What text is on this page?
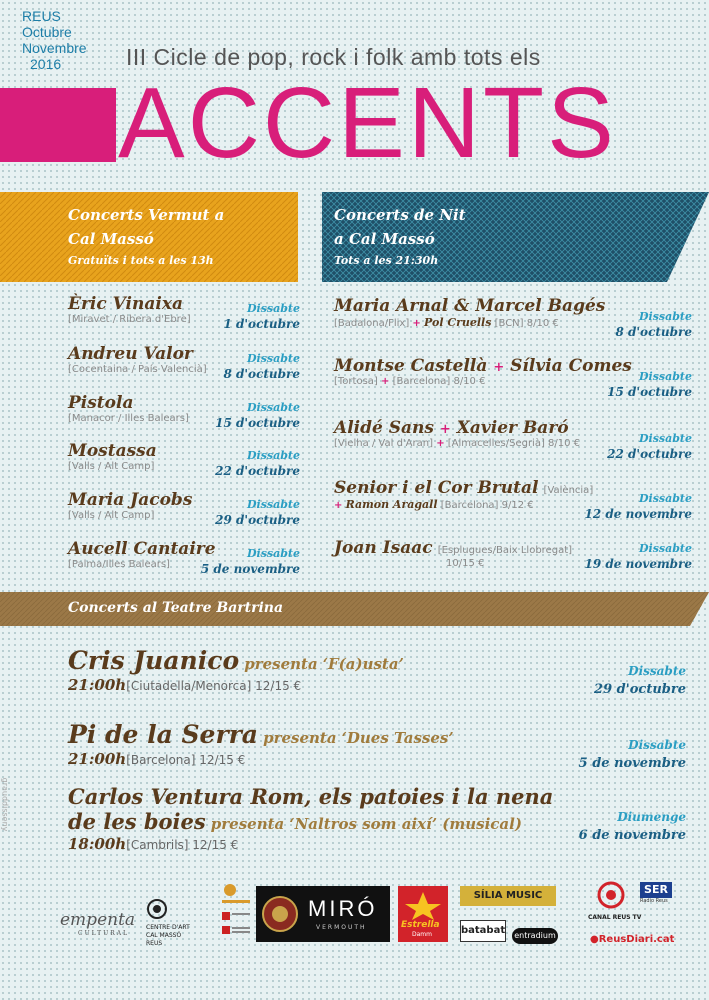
REUS
Octubre
Novembre
2016	III Cicle de pop, rock i folk amb tots els
ACCENTS
Concerts Vermut a
Cal Massó
Gratuïts i tots a les 13h
Concerts de Nit
a Cal Massó
Tots a les 21:30h
Èric Vinaixa
[Miravet / Ribera d'Ebre]
Dissabte
1 d'octubre
Andreu Valor
[Cocentaina / País Valencià]
Dissabte
8 d'octubre
Pistola
[Manacor / Illes Balears]
Dissabte
15 d'octubre
Mostassa
[Valls / Alt Camp]
Dissabte
22 d'octubre
Maria Jacobs
[Valls / Alt Camp]
Dissabte
29 d'octubre
Aucell Cantaire
[Palma/Illes Balears]
Dissabte
5 de novembre
Maria Arnal & Marcel Bagés
[Badalona/Flix] + Pol Cruells [BCN] 8/10 €
Dissabte
8 d'octubre
Montse Castellà + Sílvia Comes
[Tortosa] + [Barcelona] 8/10 €	Dissabte
15 d'octubre
Alidé Sans + Xavier Baró
[Vielha / Val d'Aran] + [Almacelles/Segrià] 8/10 €	Dissabte
22 d'octubre
Senior i el Cor Brutal [València]
+ Ramon Aragall [Barcelona] 9/12 €
Dissabte
12 de novembre
Joan Isaac [Esplugues/Baix Llobregat]
10/15 €
Dissabte
19 de novembre
Concerts al Teatre Bartrina
Cris Juanico presenta ‘F(a)usta’
21:00h[Ciutadella/Menorca] 12/15 €
Dissabte
29 d'octubre
Pi de la Serra presenta ‘Dues Tasses’
21:00h[Barcelona] 12/15 €
Dissabte
5 de novembre
Carlos Ventura Rom, els patoies i la nena
de les boies presenta ‘Naltros som així’ (musical)
18:00h[Cambrils] 12/15 €
Diumenge
6 de novembre
grauddisseny
empenta
CULTURAL
CENTRE D'ART
CAL MASSÓ
REUS
MIRÓ
VERMOUTH	Estrella
Damm
SÍLIA MUSIC
batabat entradium
CANAL REUS TV
SER
Radio Reus
●ReusDiari.cat
